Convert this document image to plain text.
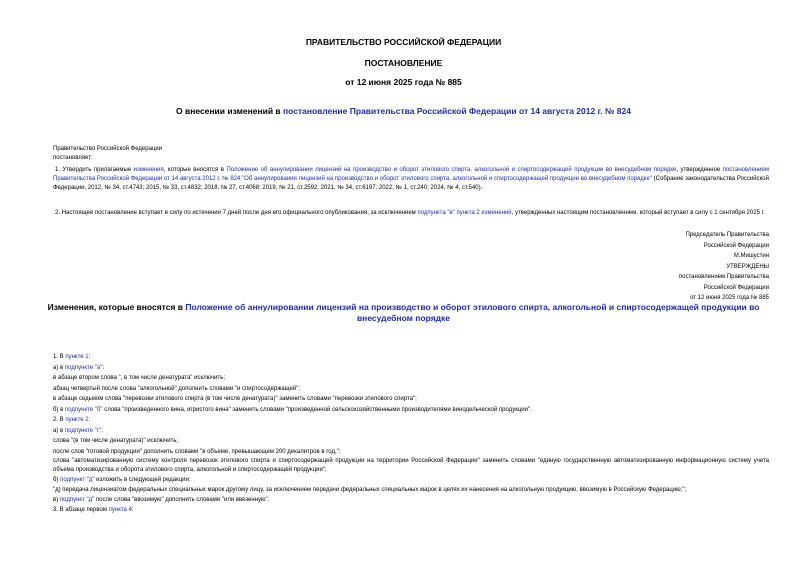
ПРАВИТЕЛЬСТВО РОССИЙСКОЙ ФЕДЕРАЦИИ
ПОСТАНОВЛЕНИЕ
от 12 июня 2025 года № 885
О внесении изменений в постановление Правительства Российской Федерации от 14 августа 2012 г. № 824

Правительство Российской Федерации

постановляет:

1. Утвердить прилагаемые изменения, которые вносятся в Положение об аннулировании лицензий на производство и оборот этилового спирта, алкогольной и спиртосодержащей продукции во внесудебном порядке, утвержденное постановлением Правительства Российской Федерации от 14 августа 2012 г. № 824 "Об аннулировании лицензий на производство и оборот этилового спирта, алкогольной и спиртосодержащей продукции во внесудебном порядке" (Собрание законодательства Российской Федерации, 2012, № 34, ст.4743; 2015, № 33, ст.4832; 2018, № 27, ст.4068; 2019, № 21, ст.2592; 2021, № 34, ст.6197; 2022, № 1, ст.240; 2024, № 4, ст.540).

2. Настоящее постановление вступает в силу по истечении 7 дней после дня его официального опубликования, за исключением подпункта "в" пункта 2 изменений, утвержденных настоящим постановлением, который вступает в силу с 1 сентября 2025 г.

Председатель Правительства

Российской Федерации

М.Мишустин

УТВЕРЖДЕНЫ

постановлением Правительства

Российской Федерации

от 12 июня 2025 года № 885

Изменения, которые вносятся в Положение об аннулировании лицензий на производство и оборот этилового спирта, алкогольной и спиртосодержащей продукции во внесудебном порядке

1. В пункте 1:

а) в подпункте "а":

в абзаце втором слова ", в том числе денатурата" исключить;

абзац четвертый после слова "алкогольной" дополнить словами "и спиртосодержащей";

в абзаце седьмом слова "перевозки этилового спирта (в том числе денатурата)" заменить словами "перевозки этилового спирта";

б) в подпункте "б" слова "произведенного вина, игристого вина" заменить словами "произведенной сельскохозяйственными производителями винодельческой продукции".

2. В пункте 2:

а) в подпункте "г":

слова "(в том числе денатурата)" исключить;

после слов "готовой продукции" дополнить словами "в объеме, превышающем 200 декалитров в год,";

слова "автоматизированную систему контроля перевозок этилового спирта и спиртосодержащей продукции на территории Российской Федерации" заменить словами "единую государственную автоматизированную информационную систему учета объема производства и оборота этилового спирта, алкогольной и спиртосодержащей продукции";

б) подпункт "д" изложить в следующей редакции:

"д) передача лицензиатом федеральных специальных марок другому лицу, за исключением передачи федеральных специальных марок в целях их нанесения на алкогольную продукцию, ввозимую в Российскую Федерацию;";

в) подпункт "д" после слова "ввозимую" дополнить словами "или ввезенную".

3. В абзаце первом пункта 4:
